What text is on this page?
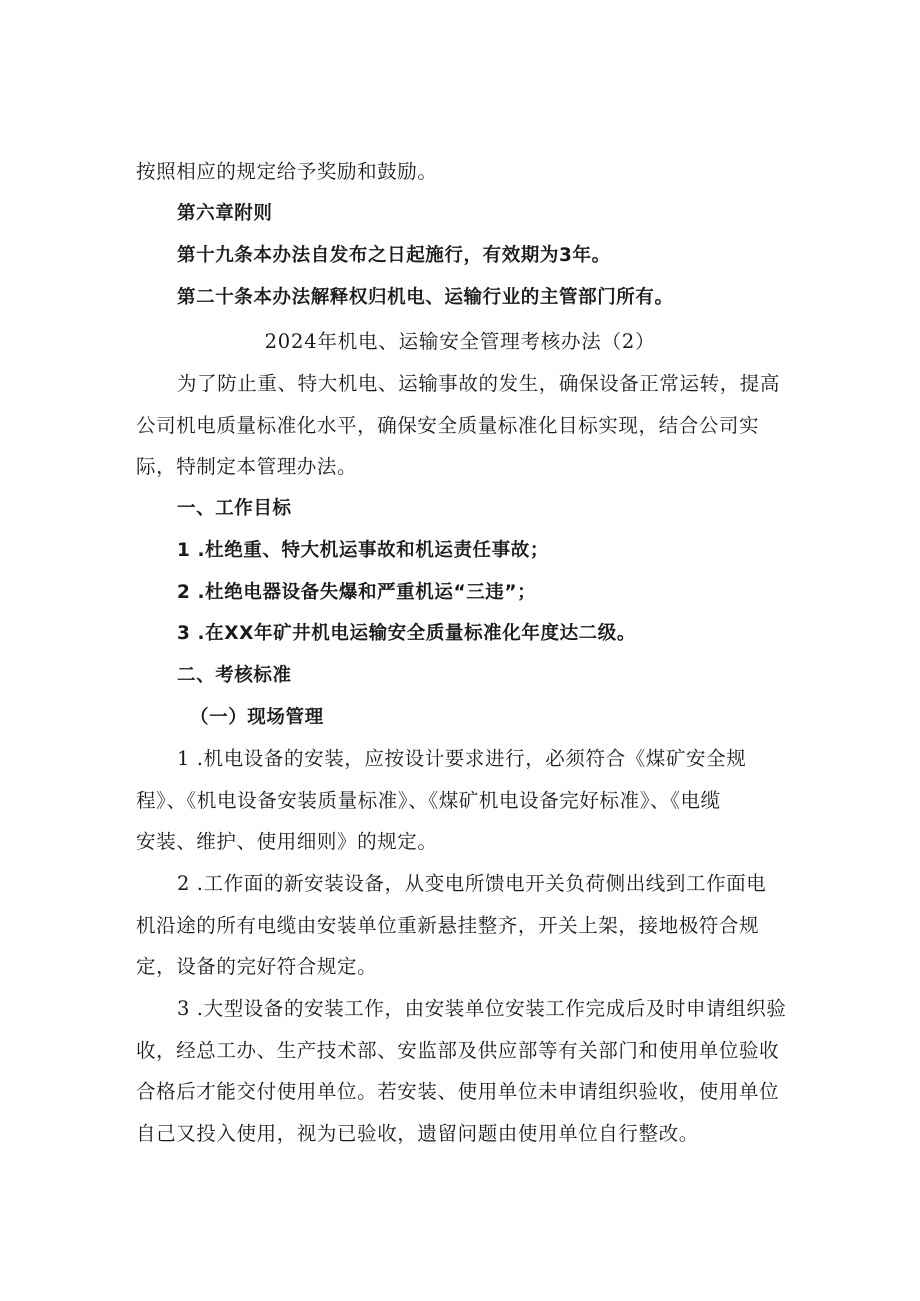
按照相应的规定给予奖励和鼓励。
第六章附则
第十九条本办法自发布之日起施行，有效期为3年。
第二十条本办法解释权归机电、运输行业的主管部门所有。
2024年机电、运输安全管理考核办法（2）
为了防止重、特大机电、运输事故的发生，确保设备正常运转，提高
公司机电质量标准化水平，确保安全质量标准化目标实现，结合公司实
际，特制定本管理办法。
一、工作目标
1 .杜绝重、特大机运事故和机运责任事故；
2 .杜绝电器设备失爆和严重机运“三违”；
3 .在XX年矿井机电运输安全质量标准化年度达二级。
二、考核标准
（一）现场管理
1 .机电设备的安装，应按设计要求进行，必须符合《煤矿安全规
程》、《机电设备安装质量标准》、《煤矿机电设备完好标准》、《电缆
安装、维护、使用细则》的规定。
2 .工作面的新安装设备，从变电所馈电开关负荷侧出线到工作面电
机沿途的所有电缆由安装单位重新悬挂整齐，开关上架，接地极符合规
定，设备的完好符合规定。
3 .大型设备的安装工作，由安装单位安装工作完成后及时申请组织验
收，经总工办、生产技术部、安监部及供应部等有关部门和使用单位验收
合格后才能交付使用单位。若安装、使用单位未申请组织验收，使用单位
自己又投入使用，视为已验收，遗留问题由使用单位自行整改。
